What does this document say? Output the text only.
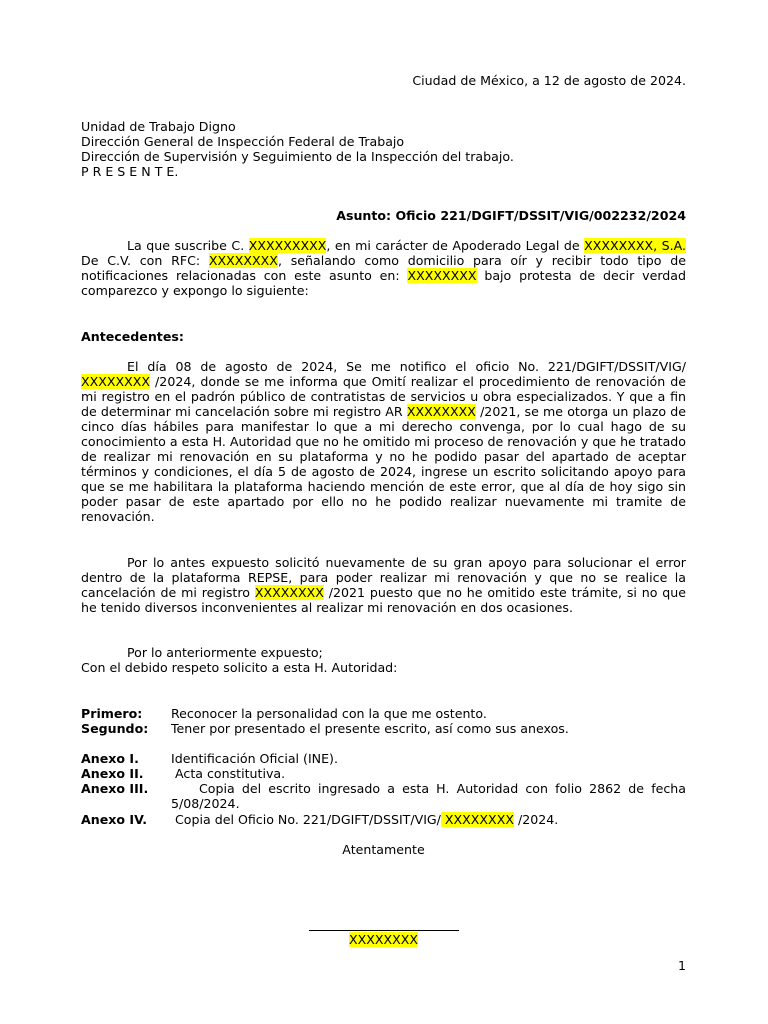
Ciudad de México, a 12 de agosto de 2024.

Unidad de Trabajo Digno

Dirección General de Inspección Federal de Trabajo

Dirección de Supervisión y Seguimiento de la Inspección del trabajo.

P R E S E N T E.

Asunto: Oficio 221/DGIFT/DSSIT/VIG/002232/2024

La que suscribe C. XXXXXXXXX, en mi carácter de Apoderado Legal de XXXXXXXX, S.A.

De C.V. con RFC: XXXXXXXX, señalando como domicilio para oír y recibir todo tipo de

notificaciones relacionadas con este asunto en: XXXXXXXX bajo protesta de decir verdad

comparezco y expongo lo siguiente:

Antecedentes:

El día 08 de agosto de 2024, Se me notifico el oficio No. 221/DGIFT/DSSIT/VIG/

XXXXXXXX /2024, donde se me informa que Omití realizar el procedimiento de renovación de

mi registro en el padrón público de contratistas de servicios u obra especializados. Y que a fin

de determinar mi cancelación sobre mi registro AR XXXXXXXX /2021, se me otorga un plazo de

cinco días hábiles para manifestar lo que a mi derecho convenga, por lo cual hago de su

conocimiento a esta H. Autoridad que no he omitido mi proceso de renovación y que he tratado

de realizar mi renovación en su plataforma y no he podido pasar del apartado de aceptar

términos y condiciones, el día 5 de agosto de 2024, ingrese un escrito solicitando apoyo para

que se me habilitara la plataforma haciendo mención de este error, que al día de hoy sigo sin

poder pasar de este apartado por ello no he podido realizar nuevamente mi tramite de

renovación.

Por lo antes expuesto solicitó nuevamente de su gran apoyo para solucionar el error

dentro de la plataforma REPSE, para poder realizar mi renovación y que no se realice la

cancelación de mi registro XXXXXXXX /2021 puesto que no he omitido este trámite, si no que

he tenido diversos inconvenientes al realizar mi renovación en dos ocasiones.

Por lo anteriormente expuesto;

Con el debido respeto solicito a esta H. Autoridad:

Primero: Reconocer la personalidad con la que me ostento.
Segundo: Tener por presentado el presente escrito, así como sus anexos.
Anexo I.	Identificación Oficial (INE).
Anexo II. Acta constitutiva.
Anexo III.	Copia del escrito ingresado a esta H. Autoridad con folio 2862 de fecha

5/08/2024.
Anexo IV. Copia del Oficio No. 221/DGIFT/DSSIT/VIG/ XXXXXXXX /2024.

Atentamente

XXXXXXXX

1
